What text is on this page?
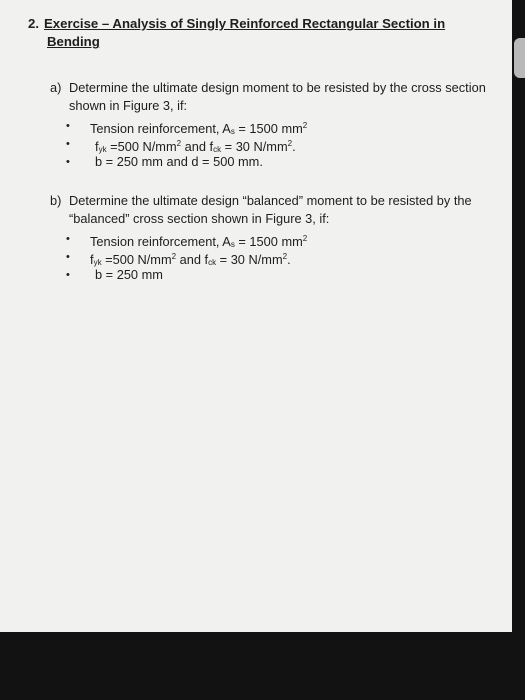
2. Exercise – Analysis of Singly Reinforced Rectangular Section in
Bending
a) Determine the ultimate design moment to be resisted by the cross section shown in Figure 3, if:
•	Tension reinforcement, As = 1500 $mm^2$
•	fyk =500 $N/mm^2$ and fck = 30 $N/mm^2$.
•	b = 250 mm and d = 500 mm.
b) Determine the ultimate design “balanced” moment to be resisted by the “balanced” cross section shown in Figure 3, if:
•	Tension reinforcement, As = 1500 $mm^2$
•	fyk =500 $N/mm^2$ and fck = 30 $N/mm^2$.
•	b = 250 mm
